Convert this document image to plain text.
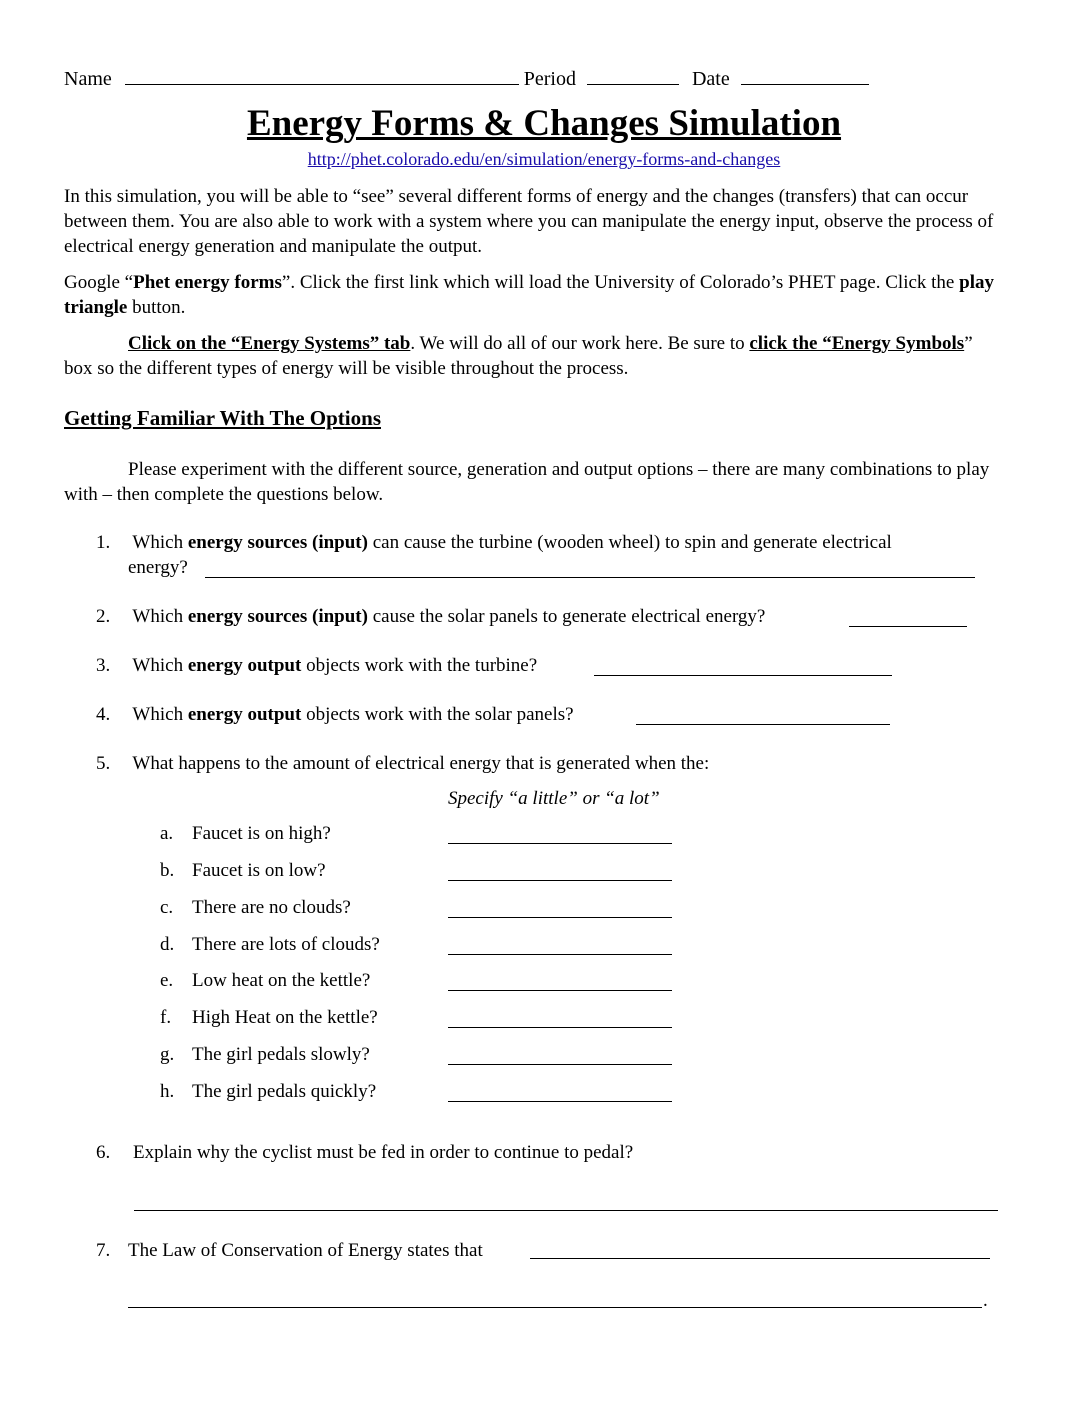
Name	Period	Date
Energy Forms & Changes Simulation
http://phet.colorado.edu/en/simulation/energy-forms-and-changes
In this simulation, you will be able to “see” several different forms of energy and the changes (transfers) that can occur between them. You are also able to work with a system where you can manipulate the energy input, observe the process of electrical energy generation and manipulate the output.
Google “Phet energy forms”. Click the first link which will load the University of Colorado’s PHET page. Click the play triangle button.
Click on the “Energy Systems” tab. We will do all of our work here. Be sure to click the “Energy Symbols” box so the different types of energy will be visible throughout the process.
Getting Familiar With The Options
Please experiment with the different source, generation and output options – there are many combinations to play with – then complete the questions below.
1. Which energy sources (input) can cause the turbine (wooden wheel) to spin and generate electrical
energy?
2. Which energy sources (input) cause the solar panels to generate electrical energy?
3. Which energy output objects work with the turbine?
4. Which energy output objects work with the solar panels?
5. What happens to the amount of electrical energy that is generated when the:
Specify “a little” or “a lot”
a. Faucet is on high?
b. Faucet is on low?
c. There are no clouds?
d. There are lots of clouds?
e. Low heat on the kettle?
f. High Heat on the kettle?
g. The girl pedals slowly?
h. The girl pedals quickly?
6. Explain why the cyclist must be fed in order to continue to pedal?
7. The Law of Conservation of Energy states that
.
